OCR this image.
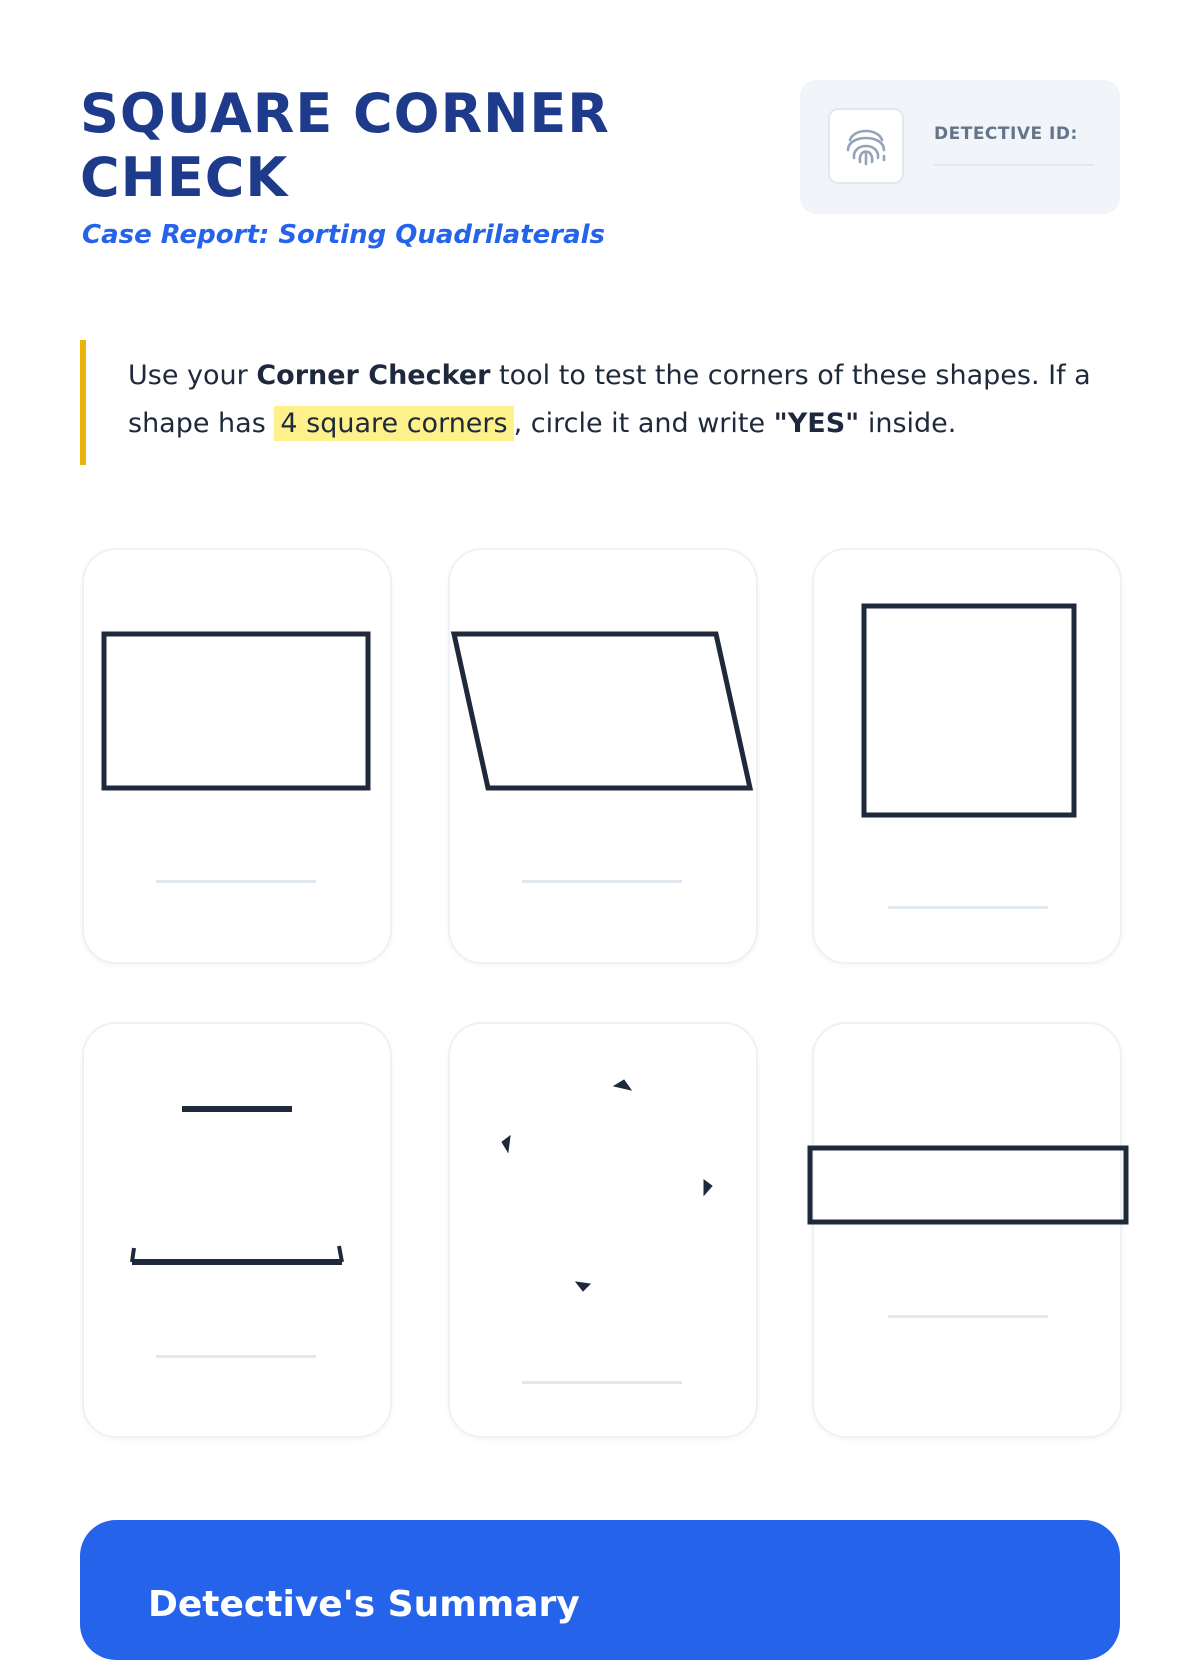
SQUARE CORNER
CHECK
Case Report: Sorting Quadrilaterals
DETECTIVE ID:
Use your Corner Checker tool to test the corners of these shapes. If a shape has 4 square corners , circle it and write "YES" inside.
Detective's Summary
